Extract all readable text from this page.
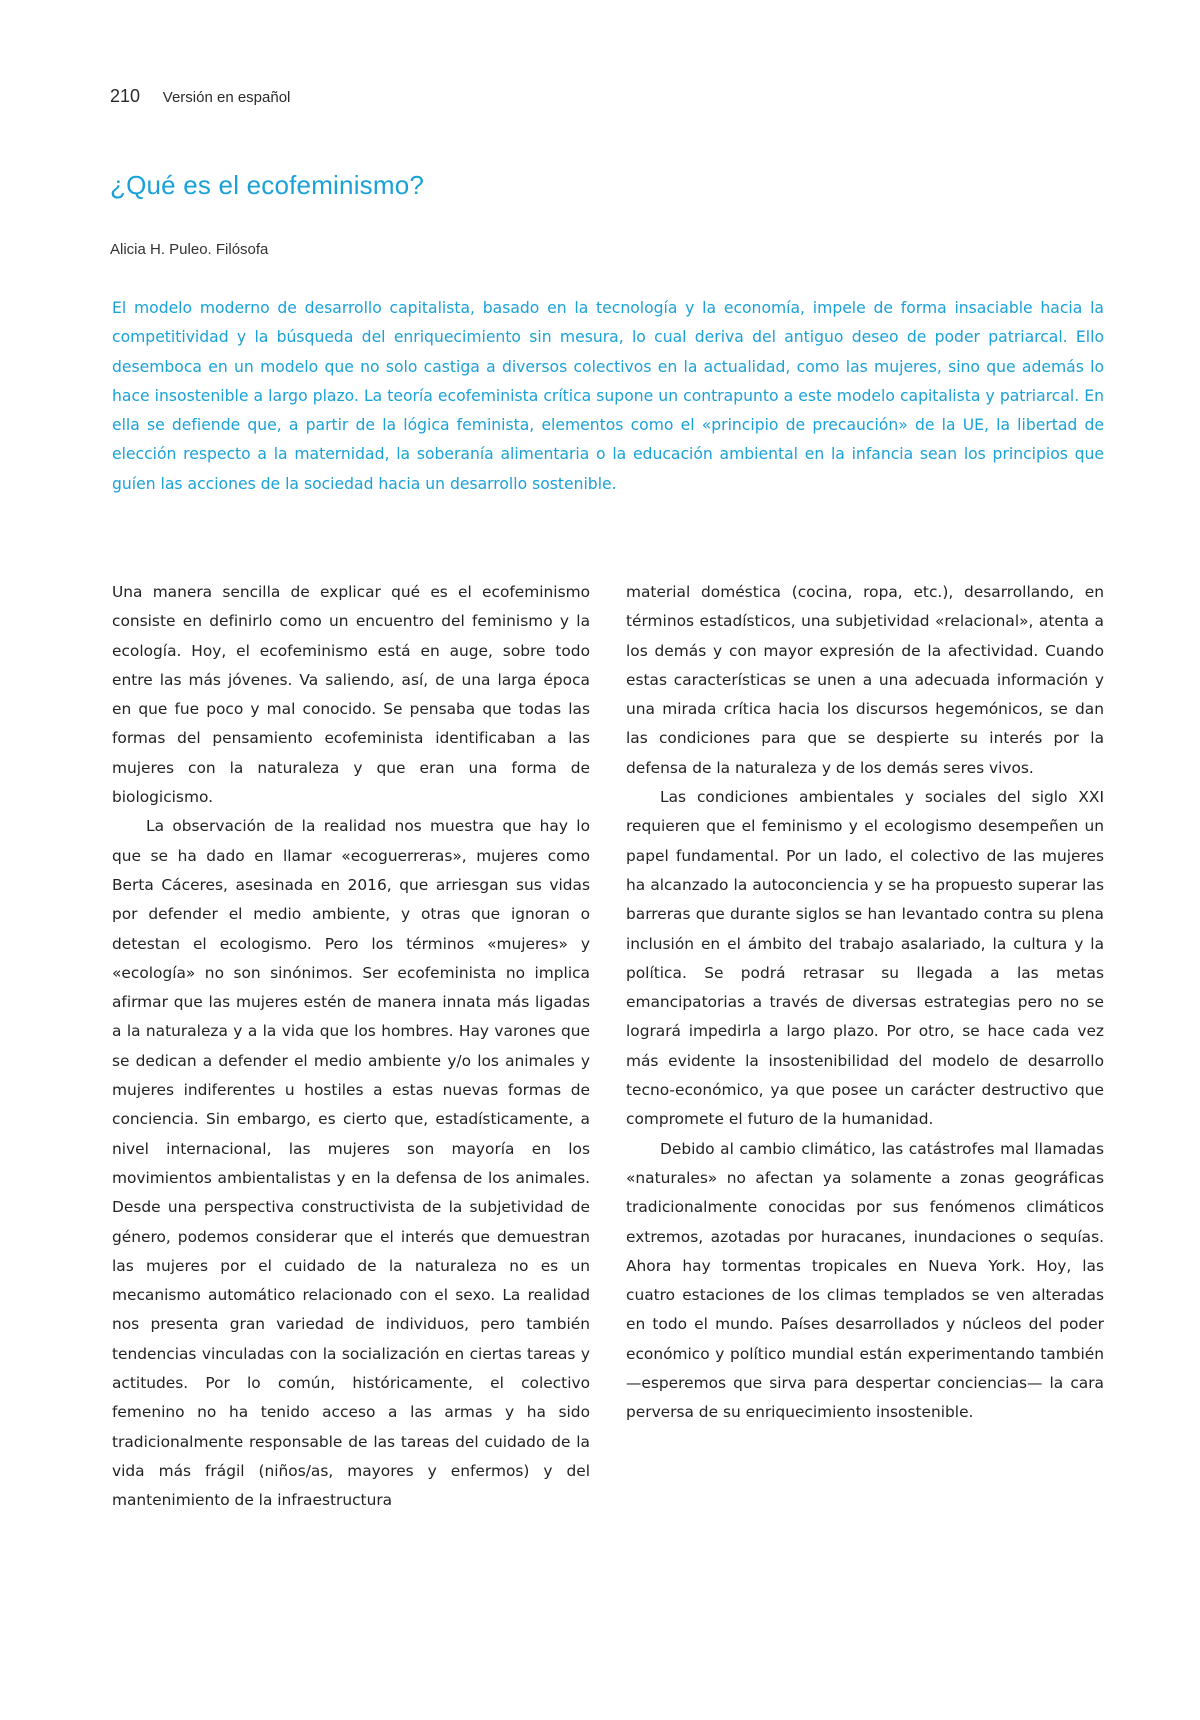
210 Versión en español
¿Qué es el ecofeminismo?

Alicia H. Puleo. Filósofa

El modelo moderno de desarrollo capitalista, basado en la tecnología y la economía, impele de forma insaciable hacia la competitividad y la búsqueda del enriquecimiento sin mesura, lo cual deriva del antiguo deseo de poder patriarcal. Ello desemboca en un modelo que no solo castiga a diversos colectivos en la actualidad, como las mujeres, sino que además lo hace insostenible a largo plazo. La teoría ecofeminista crítica supone un contrapunto a este modelo capitalista y patriarcal. En ella se defiende que, a partir de la lógica feminista, elementos como el «principio de precaución» de la UE, la libertad de elección respecto a la maternidad, la soberanía alimentaria o la educación ambiental en la infancia sean los principios que guíen las acciones de la sociedad hacia un desarrollo sostenible.

Una manera sencilla de explicar qué es el ecofeminismo consiste en definirlo como un encuentro del feminismo y la ecología. Hoy, el ecofeminismo está en auge, sobre todo entre las más jóvenes. Va saliendo, así, de una larga época en que fue poco y mal conocido. Se pensaba que todas las formas del pensamiento ecofeminista identificaban a las mujeres con la naturaleza y que eran una forma de biologicismo.

La observación de la realidad nos muestra que hay lo que se ha dado en llamar «ecoguerreras», mujeres como Berta Cáceres, asesinada en 2016, que arriesgan sus vidas por defender el medio ambiente, y otras que ignoran o detestan el ecologismo. Pero los términos «mujeres» y «ecología» no son sinónimos. Ser ecofeminista no implica afirmar que las mujeres estén de manera innata más ligadas a la naturaleza y a la vida que los hombres. Hay varones que se dedican a defender el medio ambiente y/o los animales y mujeres indiferentes u hostiles a estas nuevas formas de conciencia. Sin embargo, es cierto que, estadísticamente, a nivel internacional, las mujeres son mayoría en los movimientos ambientalistas y en la defensa de los animales. Desde una perspectiva constructivista de la subjetividad de género, podemos considerar que el interés que demuestran las mujeres por el cuidado de la naturaleza no es un mecanismo automático relacionado con el sexo. La realidad nos presenta gran variedad de individuos, pero también tendencias vinculadas con la socialización en ciertas tareas y actitudes. Por lo común, históricamente, el colectivo femenino no ha tenido acceso a las armas y ha sido tradicionalmente responsable de las tareas del cuidado de la vida más frágil (niños/as, mayores y enfermos) y del mantenimiento de la infraestructura

material doméstica (cocina, ropa, etc.), desarrollando, en términos estadísticos, una subjetividad «relacional», atenta a los demás y con mayor expresión de la afectividad. Cuando estas características se unen a una adecuada información y una mirada crítica hacia los discursos hegemónicos, se dan las condiciones para que se despierte su interés por la defensa de la naturaleza y de los demás seres vivos.

Las condiciones ambientales y sociales del siglo XXI requieren que el feminismo y el ecologismo desempeñen un papel fundamental. Por un lado, el colectivo de las mujeres ha alcanzado la autoconciencia y se ha propuesto superar las barreras que durante siglos se han levantado contra su plena inclusión en el ámbito del trabajo asalariado, la cultura y la política. Se podrá retrasar su llegada a las metas emancipatorias a través de diversas estrategias pero no se logrará impedirla a largo plazo. Por otro, se hace cada vez más evidente la insostenibilidad del modelo de desarrollo tecno-económico, ya que posee un carácter destructivo que compromete el futuro de la humanidad.

Debido al cambio climático, las catástrofes mal llamadas «naturales» no afectan ya solamente a zonas geográficas tradicionalmente conocidas por sus fenómenos climáticos extremos, azotadas por huracanes, inundaciones o sequías. Ahora hay tormentas tropicales en Nueva York. Hoy, las cuatro estaciones de los climas templados se ven alteradas en todo el mundo. Países desarrollados y núcleos del poder económico y político mundial están experimentando también —esperemos que sirva para despertar conciencias— la cara perversa de su enriquecimiento insostenible.
